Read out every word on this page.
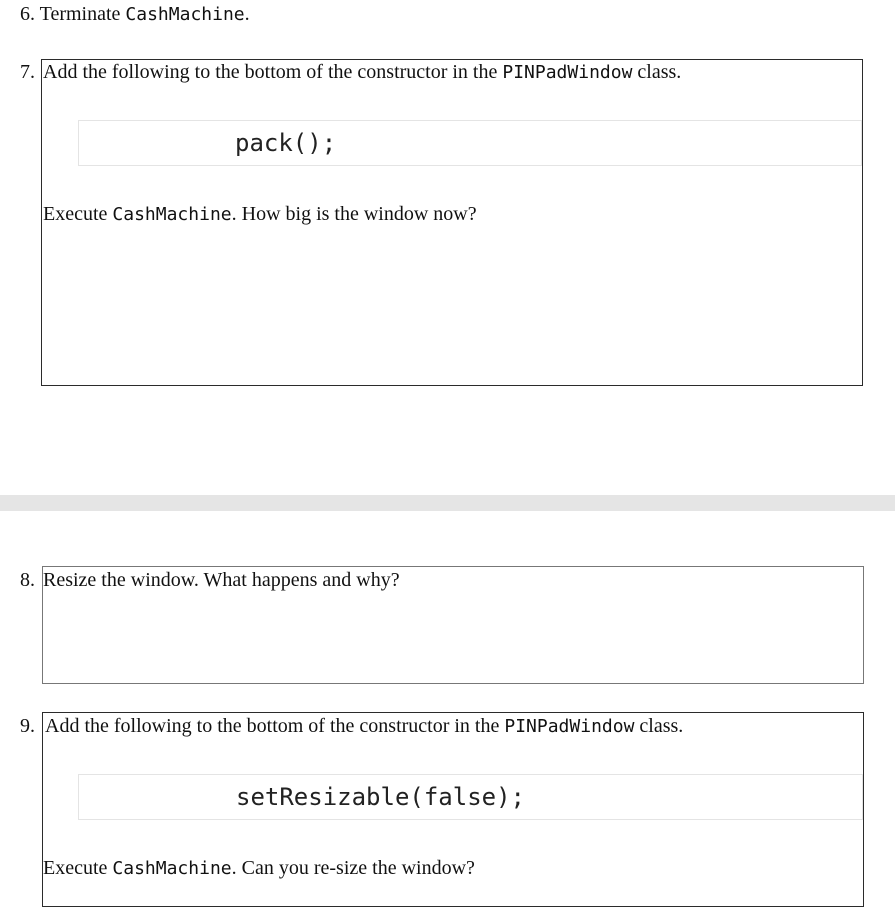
6. Terminate CashMachine.
7. Add the following to the bottom of the constructor in the PINPadWindow class.
pack();
Execute CashMachine. How big is the window now?
8. Resize the window. What happens and why?
9. Add the following to the bottom of the constructor in the PINPadWindow class.
setResizable(false);
Execute CashMachine. Can you re-size the window?
